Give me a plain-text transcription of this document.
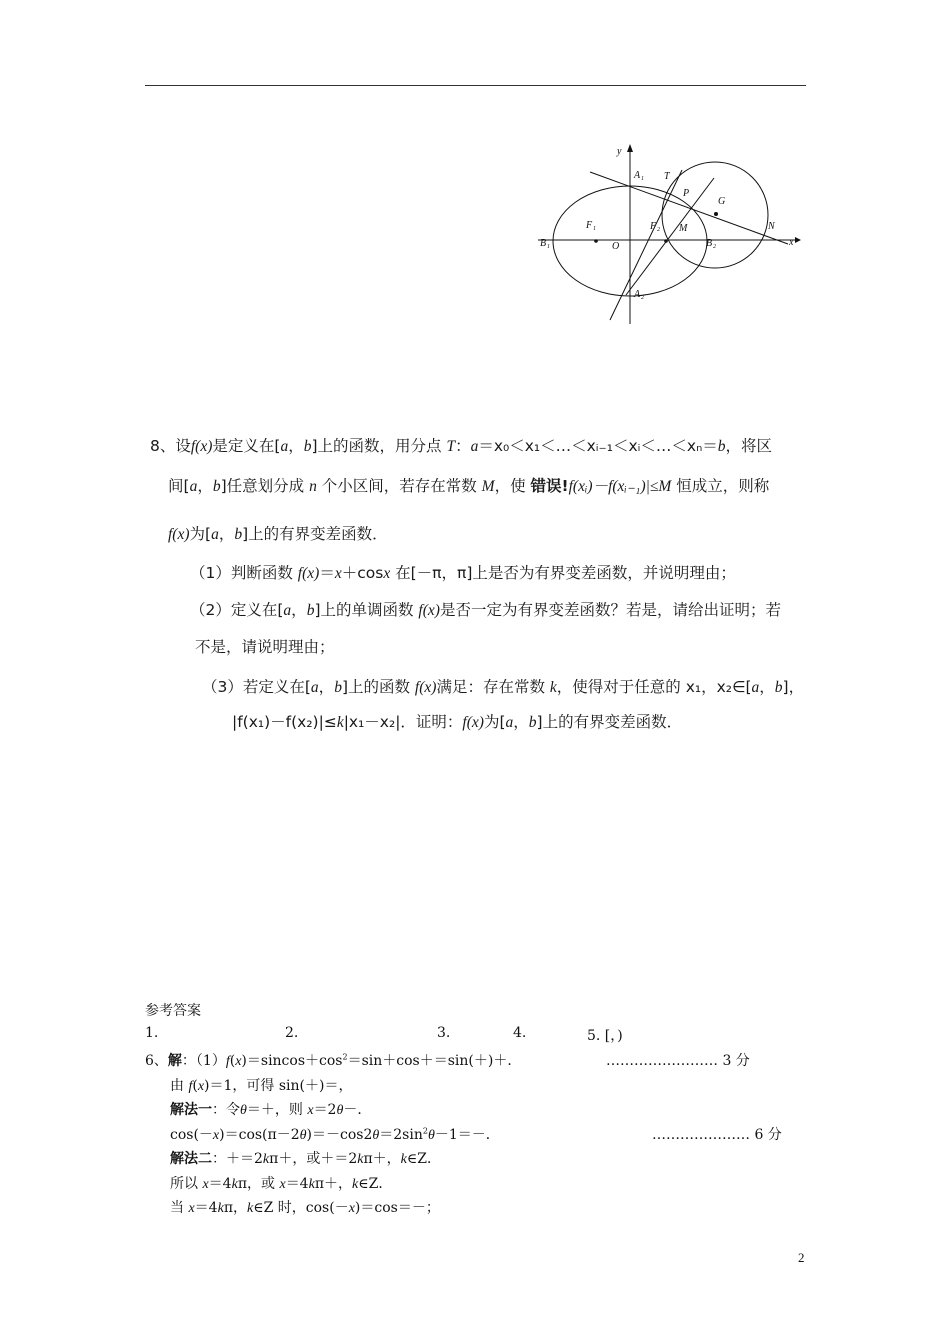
y
x
A 1
A 2
T
P
G
F 1	F 2 M	N
B 1	B 2
O
8、设f(x)是定义在[a，b]上的函数，用分点 T：a＝x₀＜x₁＜…＜xᵢ₋₁＜xᵢ＜…＜xₙ＝b，将区
间[a，b]任意划分成 n 个小区间，若存在常数 M，使 错误!f(xᵢ)－f(xᵢ₋₁)|≤M 恒成立，则称
f(x)为[a，b]上的有界变差函数．
（1）判断函数 f(x)＝x＋cosx 在[－π，π]上是否为有界变差函数，并说明理由；
（2）定义在[a，b]上的单调函数 f(x)是否一定为有界变差函数？若是，请给出证明；若
不是，请说明理由；
（3）若定义在[a，b]上的函数 f(x)满足：存在常数 k，使得对于任意的 x₁，x₂∈[a，b]，
|f(x₁)－f(x₂)|≤k|x₁－x₂|．证明：f(x)为[a，b]上的有界变差函数．
参考答案
1.	2.	3.	4.	5. [，)
6、解：$(1)f(x)=sincos+\cos^2=\sin+\cos+=\sin(+)+$．	…………………… 3 分
由 f(x)＝1，可得 sin(＋)＝，
解法一：令θ＝＋，则 x＝2θ－．
$\cos(-x)=\cos(\pi-2\theta)=-\cos 2\theta=2\sin^2\theta-1=-$．	………………… 6 分
解法二：＋＝2kπ＋，或＋＝2kπ＋，k∈Z．
所以 x＝4kπ，或 x＝4kπ＋，k∈Z．
当 x＝4kπ，k∈Z 时，cos(－x)＝cos＝－；
2
